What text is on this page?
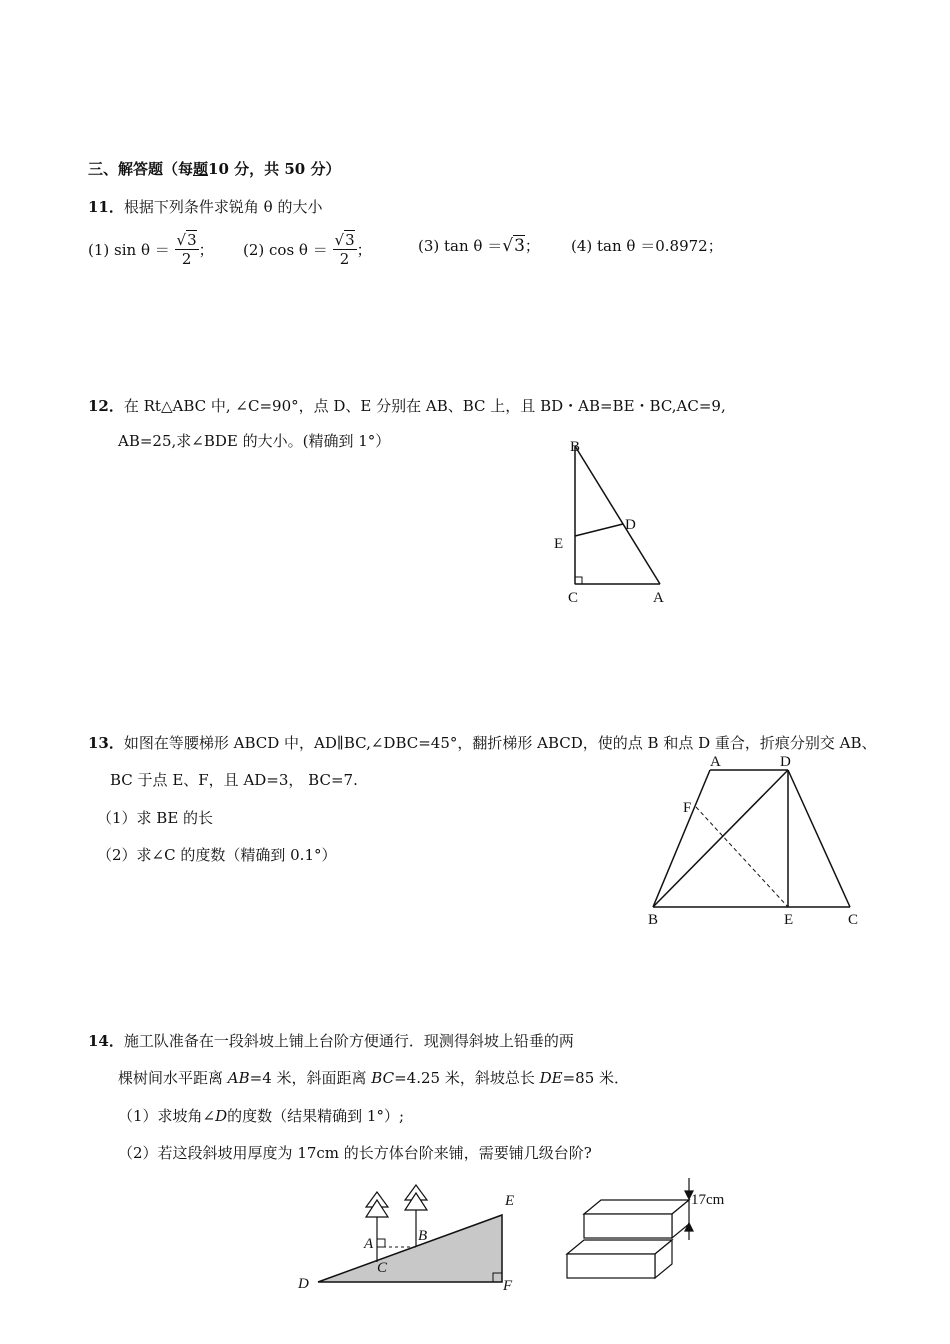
三、解答题（每题10 分，共 50 分）
11．根据下列条件求锐角 θ 的大小
(1) $\sin \theta = \frac{√3}{2}$ ； (2) $\cos \theta = \frac{√3}{2}$ ；	(3) tan θ ＝√3； (4) tan θ ＝0.8972；
12．在 Rt△ABC 中, ∠C=90°，点 D、E 分别在 AB、BC 上，且 BD・AB=BE・BC,AC=9,
AB=25,求∠BDE 的大小。(精确到 1°）	B
D
E
C	A
13．如图在等腰梯形 ABCD 中，AD∥BC,∠DBC=45°，翻折梯形 ABCD，使的点 B 和点 D 重合，折痕分别交 AB、
BC 于点 E、F，且 AD=3， BC=7.
（1）求 BE 的长
（2）求∠C 的度数（精确到 0.1°）
A	D
F
B	E	C
14．施工队准备在一段斜坡上铺上台阶方便通行．现测得斜坡上铅垂的两
棵树间水平距离 AB=4 米，斜面距离 BC=4.25 米，斜坡总长 DE=85 米．
（1）求坡角∠D的度数（结果精确到 1°）;
（2）若这段斜坡用厚度为 17cm 的长方体台阶来铺，需要铺几级台阶?
E
A	B
C
D	F
17cm
